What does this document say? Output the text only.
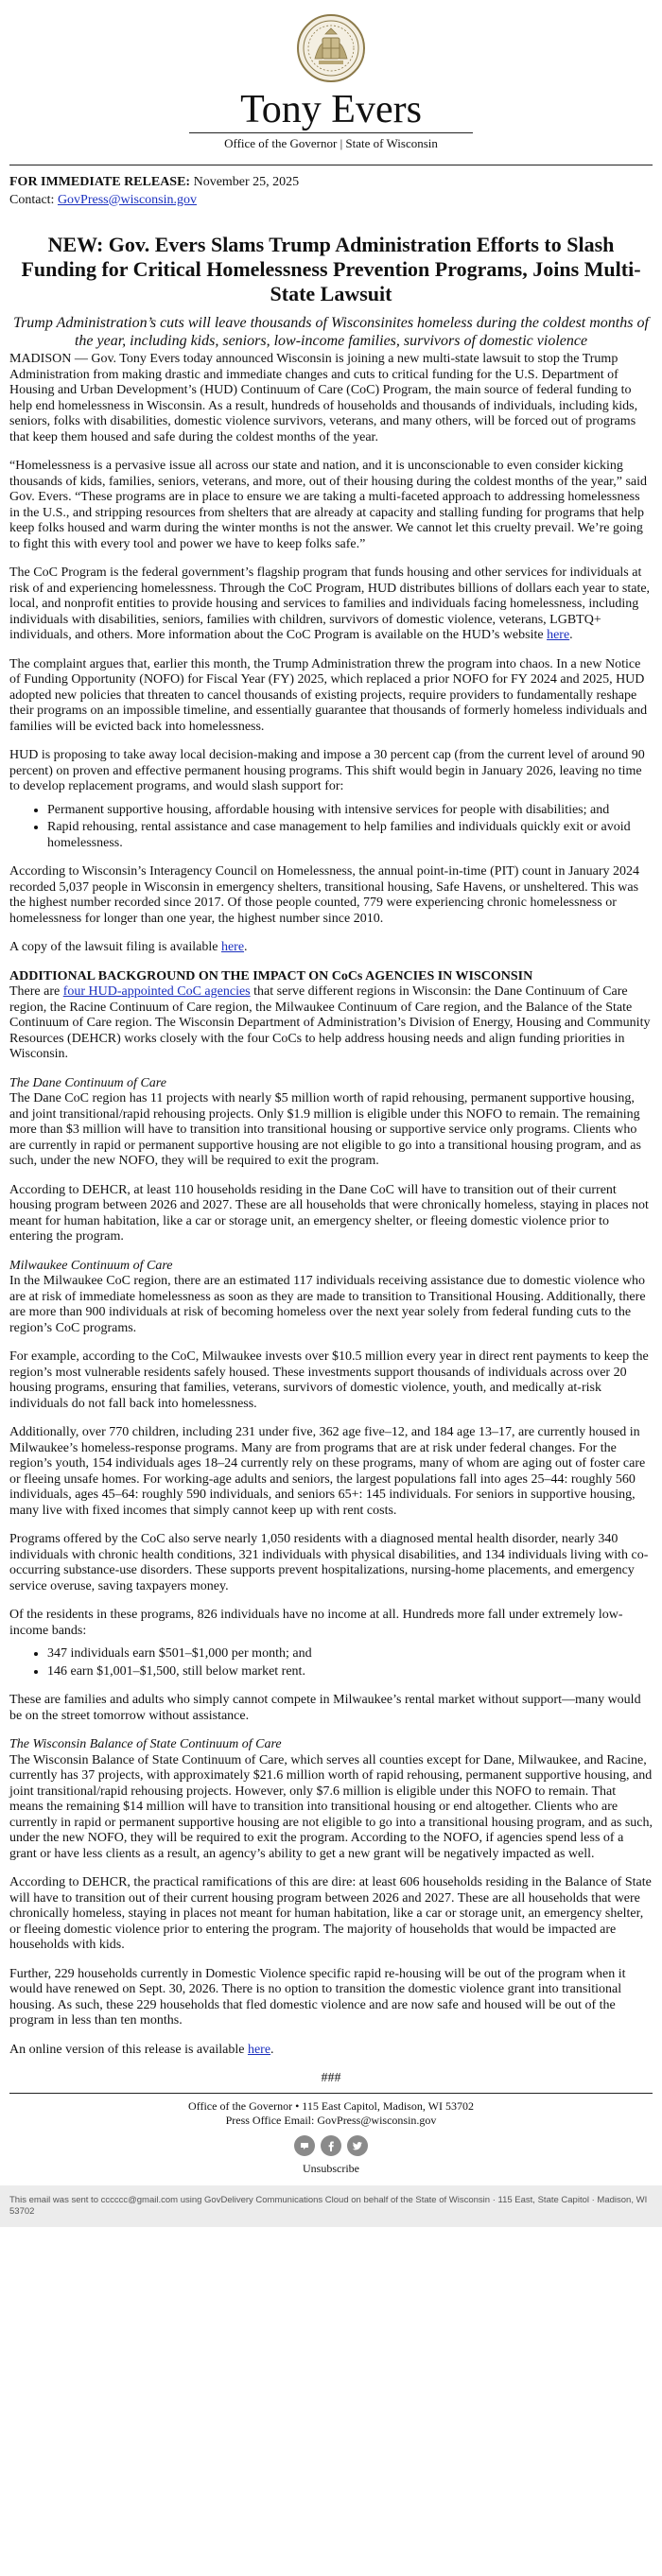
Tony Evers
Office of the Governor | State of Wisconsin
FOR IMMEDIATE RELEASE: November 25, 2025
Contact: GovPress@wisconsin.gov
NEW: Gov. Evers Slams Trump Administration Efforts to Slash Funding for Critical Homelessness Prevention Programs, Joins Multi-State Lawsuit
Trump Administration’s cuts will leave thousands of Wisconsinites homeless during the coldest months of the year, including kids, seniors, low-income families, survivors of domestic violence

MADISON — Gov. Tony Evers today announced Wisconsin is joining a new multi-state lawsuit to stop the Trump Administration from making drastic and immediate changes and cuts to critical funding for the U.S. Department of Housing and Urban Development’s (HUD) Continuum of Care (CoC) Program, the main source of federal funding to help end homelessness in Wisconsin. As a result, hundreds of households and thousands of individuals, including kids, seniors, folks with disabilities, domestic violence survivors, veterans, and many others, will be forced out of programs that keep them housed and safe during the coldest months of the year.

“Homelessness is a pervasive issue all across our state and nation, and it is unconscionable to even consider kicking thousands of kids, families, seniors, veterans, and more, out of their housing during the coldest months of the year,” said Gov. Evers. “These programs are in place to ensure we are taking a multi-faceted approach to addressing homelessness in the U.S., and stripping resources from shelters that are already at capacity and stalling funding for programs that help keep folks housed and warm during the winter months is not the answer. We cannot let this cruelty prevail. We’re going to fight this with every tool and power we have to keep folks safe.”

The CoC Program is the federal government’s flagship program that funds housing and other services for individuals at risk of and experiencing homelessness. Through the CoC Program, HUD distributes billions of dollars each year to state, local, and nonprofit entities to provide housing and services to families and individuals facing homelessness, including individuals with disabilities, seniors, families with children, survivors of domestic violence, veterans, LGBTQ+ individuals, and others. More information about the CoC Program is available on the HUD’s website here.

The complaint argues that, earlier this month, the Trump Administration threw the program into chaos. In a new Notice of Funding Opportunity (NOFO) for Fiscal Year (FY) 2025, which replaced a prior NOFO for FY 2024 and 2025, HUD adopted new policies that threaten to cancel thousands of existing projects, require providers to fundamentally reshape their programs on an impossible timeline, and essentially guarantee that thousands of formerly homeless individuals and families will be evicted back into homelessness.

HUD is proposing to take away local decision-making and impose a 30 percent cap (from the current level of around 90 percent) on proven and effective permanent housing programs. This shift would begin in January 2026, leaving no time to develop replacement programs, and would slash support for:

• Permanent supportive housing, affordable housing with intensive services for people with disabilities; and
• Rapid rehousing, rental assistance and case management to help families and individuals quickly exit or avoid homelessness.

According to Wisconsin’s Interagency Council on Homelessness, the annual point-in-time (PIT) count in January 2024 recorded 5,037 people in Wisconsin in emergency shelters, transitional housing, Safe Havens, or unsheltered. This was the highest number recorded since 2017. Of those people counted, 779 were experiencing chronic homelessness or homelessness for longer than one year, the highest number since 2010.

A copy of the lawsuit filing is available here.

ADDITIONAL BACKGROUND ON THE IMPACT ON CoCs AGENCIES IN WISCONSIN

There are four HUD-appointed CoC agencies that serve different regions in Wisconsin: the Dane Continuum of Care region, the Racine Continuum of Care region, the Milwaukee Continuum of Care region, and the Balance of the State Continuum of Care region. The Wisconsin Department of Administration’s Division of Energy, Housing and Community Resources (DEHCR) works closely with the four CoCs to help address housing needs and align funding priorities in Wisconsin.

The Dane Continuum of Care

The Dane CoC region has 11 projects with nearly $5 million worth of rapid rehousing, permanent supportive housing, and joint transitional/rapid rehousing projects. Only $1.9 million is eligible under this NOFO to remain. The remaining more than $3 million will have to transition into transitional housing or supportive service only programs. Clients who are currently in rapid or permanent supportive housing are not eligible to go into a transitional housing program, and as such, under the new NOFO, they will be required to exit the program.

According to DEHCR, at least 110 households residing in the Dane CoC will have to transition out of their current housing program between 2026 and 2027. These are all households that were chronically homeless, staying in places not meant for human habitation, like a car or storage unit, an emergency shelter, or fleeing domestic violence prior to entering the program.

Milwaukee Continuum of Care

In the Milwaukee CoC region, there are an estimated 117 individuals receiving assistance due to domestic violence who are at risk of immediate homelessness as soon as they are made to transition to Transitional Housing. Additionally, there are more than 900 individuals at risk of becoming homeless over the next year solely from federal funding cuts to the region’s CoC programs.

For example, according to the CoC, Milwaukee invests over $10.5 million every year in direct rent payments to keep the region’s most vulnerable residents safely housed. These investments support thousands of individuals across over 20 housing programs, ensuring that families, veterans, survivors of domestic violence, youth, and medically at-risk individuals do not fall back into homelessness.

Additionally, over 770 children, including 231 under five, 362 age five–12, and 184 age 13–17, are currently housed in Milwaukee’s homeless-response programs. Many are from programs that are at risk under federal changes. For the region’s youth, 154 individuals ages 18–24 currently rely on these programs, many of whom are aging out of foster care or fleeing unsafe homes. For working-age adults and seniors, the largest populations fall into ages 25–44: roughly 560 individuals, ages 45–64: roughly 590 individuals, and seniors 65+: 145 individuals. For seniors in supportive housing, many live with fixed incomes that simply cannot keep up with rent costs.

Programs offered by the CoC also serve nearly 1,050 residents with a diagnosed mental health disorder, nearly 340 individuals with chronic health conditions, 321 individuals with physical disabilities, and 134 individuals living with co-occurring substance-use disorders. These supports prevent hospitalizations, nursing-home placements, and emergency service overuse, saving taxpayers money.

Of the residents in these programs, 826 individuals have no income at all. Hundreds more fall under extremely low-income bands:

• 347 individuals earn $501–$1,000 per month; and
• 146 earn $1,001–$1,500, still below market rent.

These are families and adults who simply cannot compete in Milwaukee’s rental market without support—many would be on the street tomorrow without assistance.

The Wisconsin Balance of State Continuum of Care

The Wisconsin Balance of State Continuum of Care, which serves all counties except for Dane, Milwaukee, and Racine, currently has 37 projects, with approximately $21.6 million worth of rapid rehousing, permanent supportive housing, and joint transitional/rapid rehousing projects. However, only $7.6 million is eligible under this NOFO to remain. That means the remaining $14 million will have to transition into transitional housing or end altogether. Clients who are currently in rapid or permanent supportive housing are not eligible to go into a transitional housing program, and as such, under the new NOFO, they will be required to exit the program. According to the NOFO, if agencies spend less of a grant or have less clients as a result, an agency’s ability to get a new grant will be negatively impacted as well.

According to DEHCR, the practical ramifications of this are dire: at least 606 households residing in the Balance of State will have to transition out of their current housing program between 2026 and 2027. These are all households that were chronically homeless, staying in places not meant for human habitation, like a car or storage unit, an emergency shelter, or fleeing domestic violence prior to entering the program. The majority of households that would be impacted are households with kids.

Further, 229 households currently in Domestic Violence specific rapid re-housing will be out of the program when it would have renewed on Sept. 30, 2026. There is no option to transition the domestic violence grant into transitional housing. As such, these 229 households that fled domestic violence and are now safe and housed will be out of the program in less than ten months.

An online version of this release is available here.

###
Office of the Governor • 115 East Capitol, Madison, WI 53702
Press Office Email: GovPress@wisconsin.gov
Unsubscribe
This email was sent to cccccc@gmail.com using GovDelivery Communications Cloud on behalf of the State of Wisconsin · 115 East, State Capitol · Madison, WI 53702
